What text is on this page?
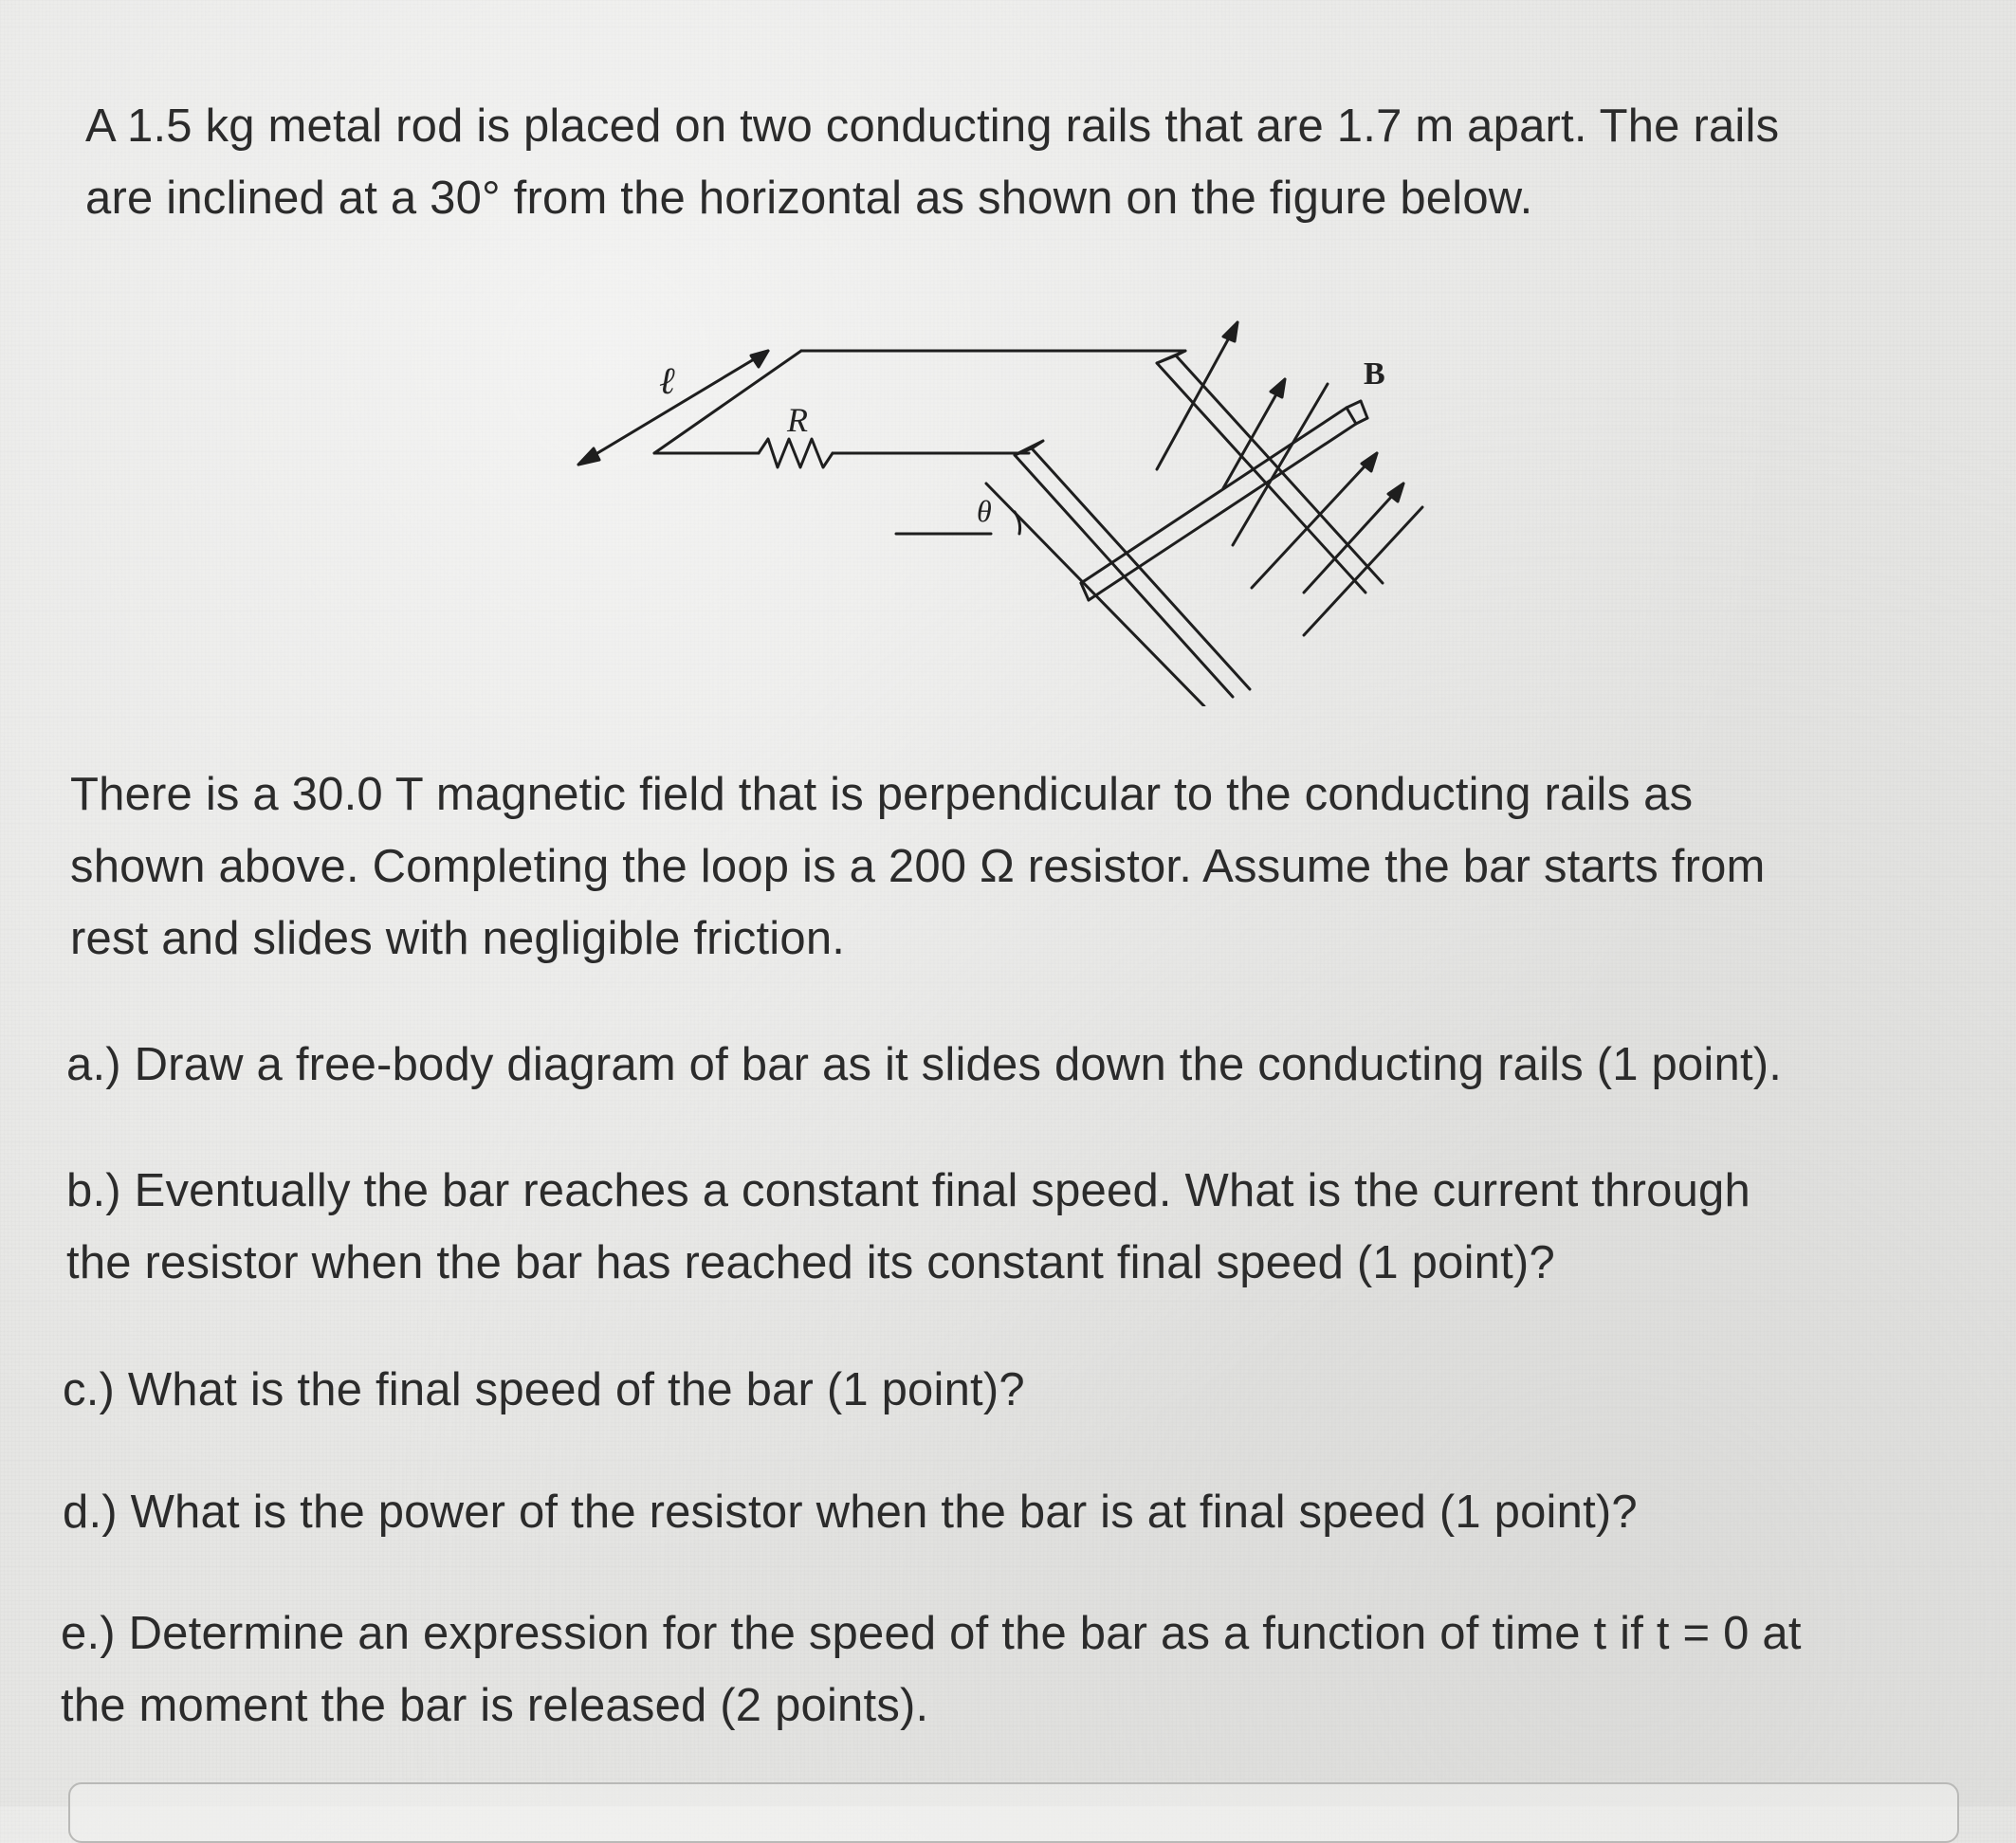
A 1.5 kg metal rod is placed on two conducting rails that are 1.7 m apart. The rails
are inclined at a 30° from the horizontal as shown on the figure below.
ℓ
R
θ
B
There is a 30.0 T magnetic field that is perpendicular to the conducting rails as
shown above. Completing the loop is a 200 Ω resistor. Assume the bar starts from
rest and slides with negligible friction.
a.) Draw a free-body diagram of bar as it slides down the conducting rails (1 point).
b.) Eventually the bar reaches a constant final speed. What is the current through
the resistor when the bar has reached its constant final speed (1 point)?
c.) What is the final speed of the bar (1 point)?
d.) What is the power of the resistor when the bar is at final speed (1 point)?
e.) Determine an expression for the speed of the bar as a function of time t if t = 0 at
the moment the bar is released (2 points).
